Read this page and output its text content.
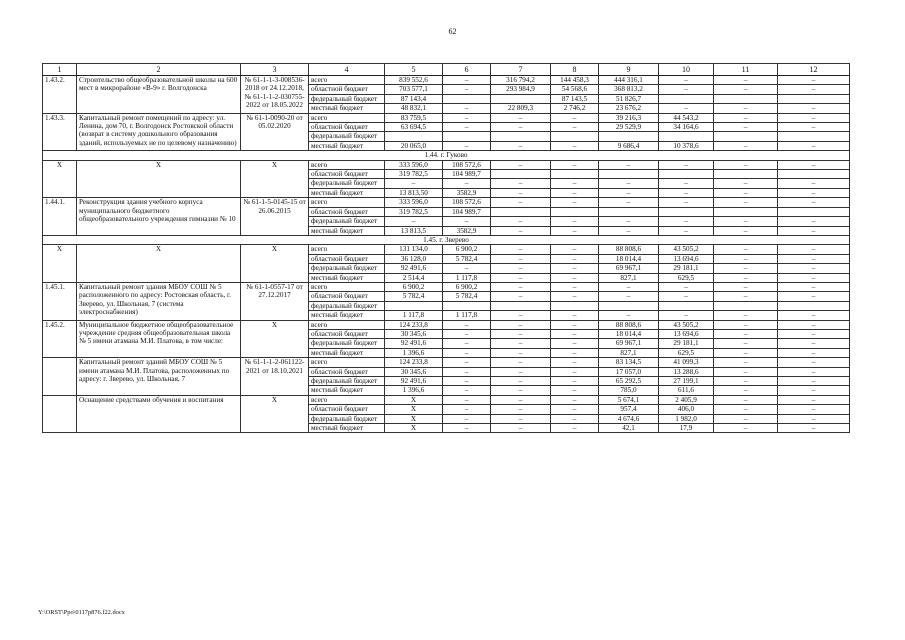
62
1	2	3	4	5	6	7	8	9	10	11	12
1.43.2.	Строительство общеобразовательной школы на 600 мест в микрорайоне «В-9» г. Волгодонска	№ 61-1-1-3-008536-2018 от 24.12.2018, № 61-1-1-2-030755-2022 от 18.05.2022	всего	839 552,6	–	316 794,2	144 458,3	444 316,1	–	–	–
			областной бюджет	703 577,1	–	293 984,9	54 568,6	368 813,2	–	–	–
			федеральный бюджет	87 143,4			87 143,5	51 826,7			
			местный бюджет	48 832,1	–	22 809,3	2 746,2	23 676,2	–	–	–
1.43.3.	Капитальный ремонт помещений по адресу: ул. Ленина, дом 70, г. Волгодонск Ростовской области (возврат в систему дошкольного образования зданий, используемых не по целевому назначению)	№ 61-1-0090-20 от 05.02.2020	всего	83 759,5	–	–	–	39 216,3	44 543,2	–	–
			областной бюджет	63 694,5	–	–	–	29 529,9	34 164,6	–	–
			федеральный бюджет								
			местный бюджет	20 065,0	–	–	–	9 686,4	10 378,6	–	–
1.44. г. Гуково											
Х	Х	Х	всего	333 596,0	108 572,6	–	–	–	–	–	–
			областной бюджет	319 782,5	104 989,7						
			федеральный бюджет	–	–	–	–	–	–	–	–
			местный бюджет	13 813,50	3582,9	–	–	–	–	–	–
1.44.1.	Реконструкция здания учебного корпуса муниципального бюджетного общеобразовательного учреждения гимназии № 10	№ 61-1-5-0145-15 от 26.06.2015	всего	333 596,0	108 572,6	–	–	–	–	–	–
			областной бюджет	319 782,5	104 989,7						
			федеральный бюджет	–	–	–	–	–	–	–	–
			местный бюджет	13 813,5	3582,9	–	–	–	–	–	–
1.45. г. Зверево											
Х	Х	Х	всего	131 134,0	6 900,2	–	–	88 808,6	43 505,2	–	–
			областной бюджет	36 128,0	5 782,4	–	–	18 014,4	13 694,6	–	–
			федеральный бюджет	92 491,6	–	–	–	69 967,1	29 181,1	–	–
			местный бюджет	2 514,4	1 117,8	–	–	827,1	629,5	–	–
1.45.1.	Капитальный ремонт здания МБОУ СОШ № 5 расположенного по адресу: Ростовская область, г. Зверево, ул. Школьная, 7 (система электроснабжения)	№ 61-1-0557-17 от 27.12.2017	всего	6 900,2	6 900,2	–	–	–	–	–	–
			областной бюджет	5 782,4	5 782,4	–	–	–	–	–	–
			федеральный бюджет								
			местный бюджет	1 117,8	1 117,8	–	–	–	–	–	–
1.45.2.	Муниципальное бюджетное общеобразовательное учреждение средняя общеобразовательная школа № 5 имени атамана М.И. Платова, в том числе:	Х	всего	124 233,8	–	–	–	88 808,6	43 505,2	–	–
			областной бюджет	30 345,6	–	–	–	18 014,4	13 694,6	–	–
			федеральный бюджет	92 491,6	–	–	–	69 967,1	29 181,1	–	–
			местный бюджет	1 396,6	–	–	–	827,1	629,5	–	–
	Капитальный ремонт зданий МБОУ СОШ № 5 имени атамана М.И. Платова, расположенных по адресу: г. Зверево, ул. Школьная, 7	№ 61-1-1-2-061122-2021 от 18.10.2021	всего	124 233,8	–	–	–	83 134,5	41 099,3	–	–
			областной бюджет	30 345,6	–	–	–	17 057,0	13 288,6	–	–
			федеральный бюджет	92 491,6	–	–	–	65 292,5	27 199,1	–	–
			местный бюджет	1 396,6	–	–	–	785,0	611,6	–	–
	Оснащение средствами обучения и воспитания	Х	всего	Х	–	–	–	5 674,1	2 405,9	–	–
			областной бюджет	Х	–	–	–	957,4	406,0	–	–
			федеральный бюджет	Х	–	–	–	4 674,6	1 982,0	–	–
			местный бюджет	Х	–	–	–	42,1	17,9	–	–
Y:\ORST\Ppo\0117p876.f22.docx
